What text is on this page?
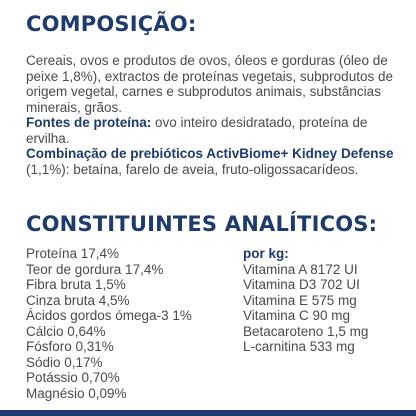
COMPOSIÇÃO:

Cereais, ovos e produtos de ovos, óleos e gorduras (óleo de peixe 1,8%), extractos de proteínas vegetais, subprodutos de origem vegetal, carnes e subprodutos animais, substâncias minerais, grãos.

Fontes de proteína: ovo inteiro desidratado, proteína de ervilha.

Combinação de prebióticos ActivBiome+ Kidney Defense (1,1%): betaína, farelo de aveia, fruto-oligossacarídeos.

CONSTITUINTES ANALÍTICOS:
Proteína 17,4%
Teor de gordura 17,4%
Fibra bruta 1,5%
Cinza bruta 4,5%
Ácidos gordos ómega-3 1%
Cálcio 0,64%
Fósforo 0,31%
Sódio 0,17%
Potássio 0,70%
Magnésio 0,09%
por kg:
Vitamina A 8172 UI
Vitamina D3 702 UI
Vitamina E 575 mg
Vitamina C 90 mg
Betacaroteno 1,5 mg
L-carnitina 533 mg
